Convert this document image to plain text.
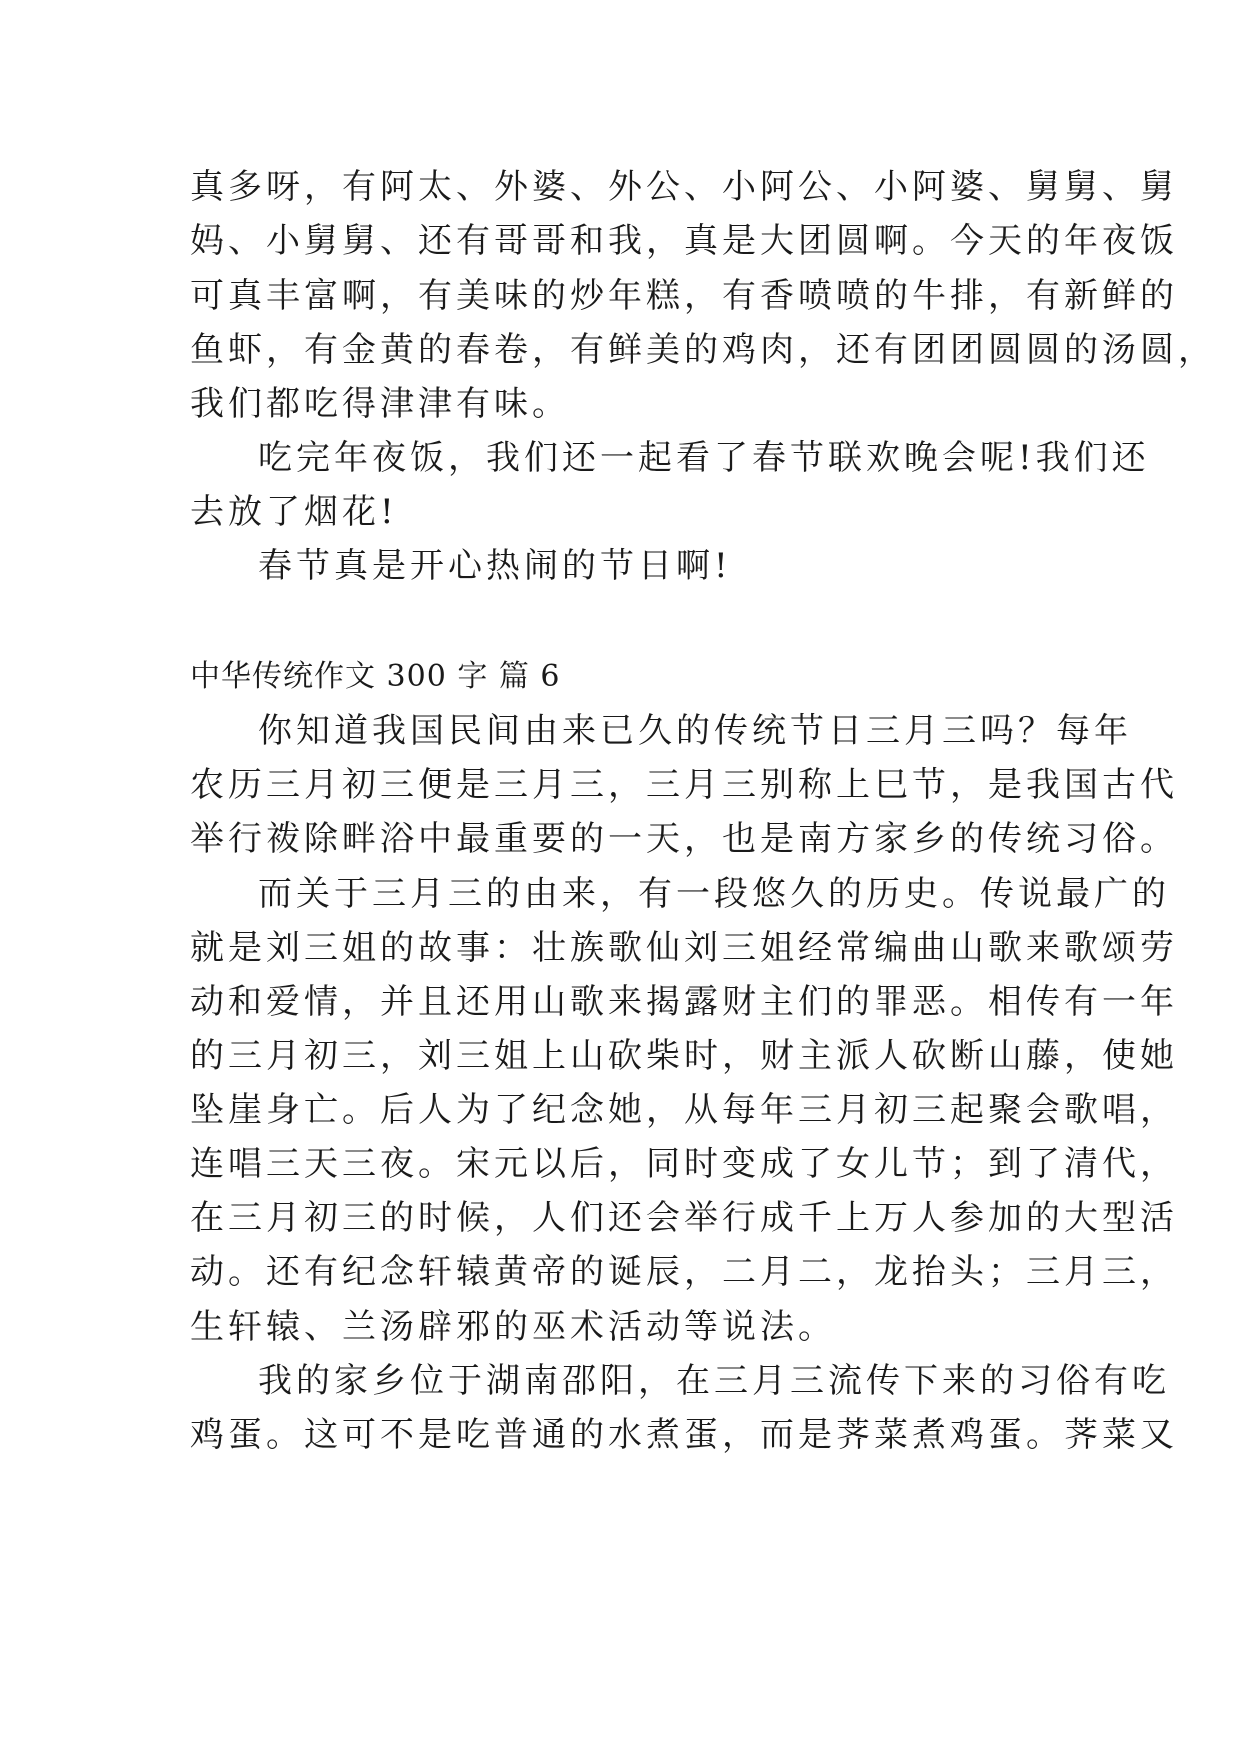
真多呀，有阿太、外婆、外公、小阿公、小阿婆、舅舅、舅
妈、小舅舅、还有哥哥和我，真是大团圆啊。今天的年夜饭
可真丰富啊，有美味的炒年糕，有香喷喷的牛排，有新鲜的
鱼虾，有金黄的春卷，有鲜美的鸡肉，还有团团圆圆的汤圆，
我们都吃得津津有味。
吃完年夜饭，我们还一起看了春节联欢晚会呢!我们还
去放了烟花!
春节真是开心热闹的节日啊!
中华传统作文 300 字 篇 6
你知道我国民间由来已久的传统节日三月三吗？每年
农历三月初三便是三月三，三月三别称上巳节，是我国古代
举行袯除畔浴中最重要的一天，也是南方家乡的传统习俗。
而关于三月三的由来，有一段悠久的历史。传说最广的
就是刘三姐的故事：壮族歌仙刘三姐经常编曲山歌来歌颂劳
动和爱情，并且还用山歌来揭露财主们的罪恶。相传有一年
的三月初三，刘三姐上山砍柴时，财主派人砍断山藤，使她
坠崖身亡。后人为了纪念她，从每年三月初三起聚会歌唱，
连唱三天三夜。宋元以后，同时变成了女儿节；到了清代，
在三月初三的时候，人们还会举行成千上万人参加的大型活
动。还有纪念轩辕黄帝的诞辰，二月二，龙抬头；三月三，
生轩辕、兰汤辟邪的巫术活动等说法。
我的家乡位于湖南邵阳，在三月三流传下来的习俗有吃
鸡蛋。这可不是吃普通的水煮蛋，而是荠菜煮鸡蛋。荠菜又
